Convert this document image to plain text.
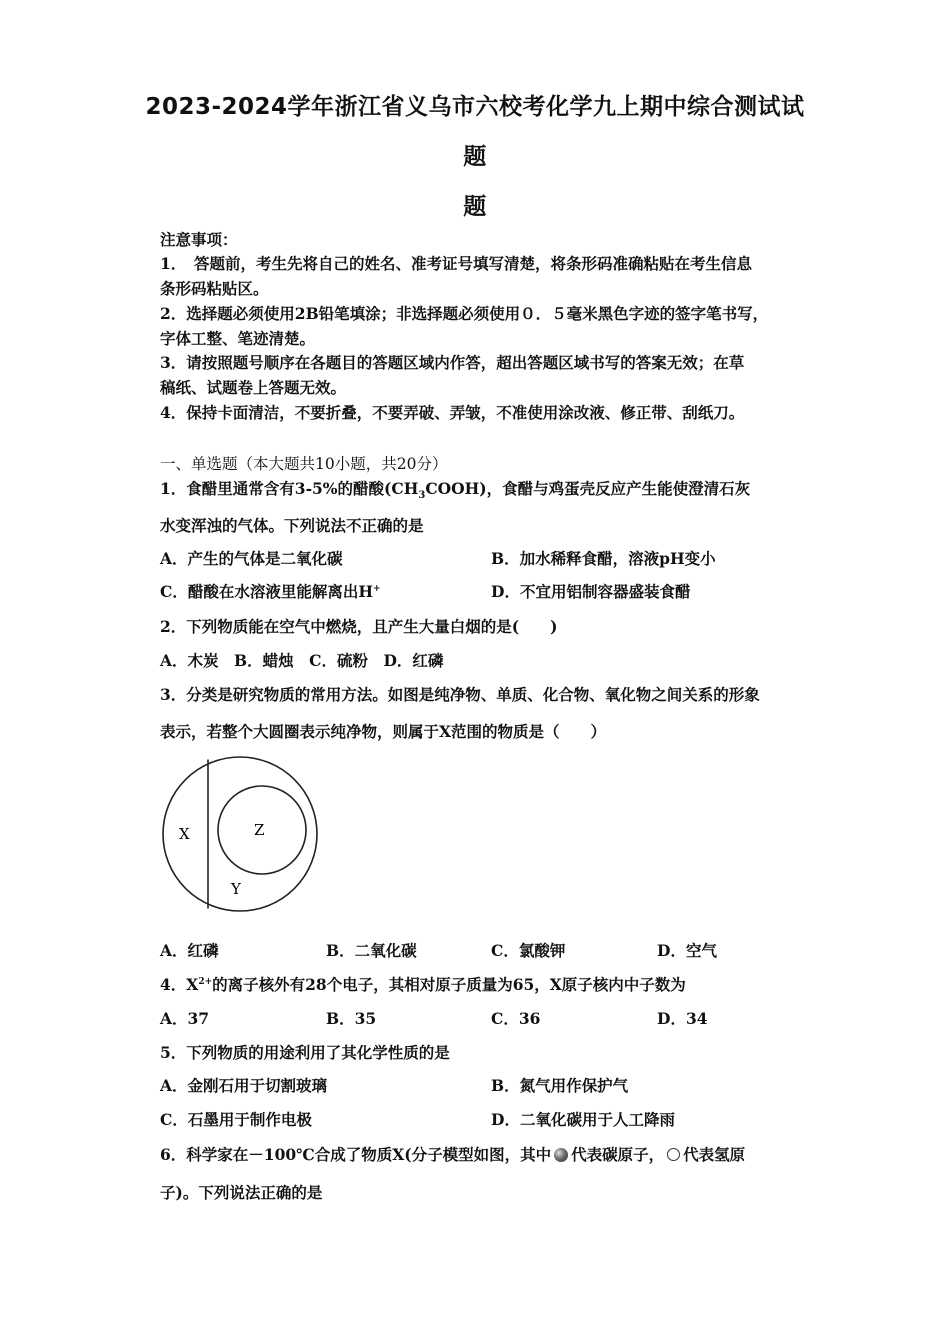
2023-2024学年浙江省义乌市六校考化学九上期中综合测试试
题
题
注意事项：
1．　答题前，考生先将自己的姓名、准考证号填写清楚，将条形码准确粘贴在考生信息
条形码粘贴区。
2．选择题必须使用2B铅笔填涂；非选择题必须使用０．５毫米黑色字迹的签字笔书写，
字体工整、笔迹清楚。
3．请按照题号顺序在各题目的答题区域内作答，超出答题区域书写的答案无效；在草
稿纸、试题卷上答题无效。
4．保持卡面清洁，不要折叠，不要弄破、弄皱，不准使用涂改液、修正带、刮纸刀。
一、单选题（本大题共10小题，共20分）
1．食醋里通常含有3-5%的醋酸$(CH_3COOH)$，食醋与鸡蛋壳反应产生能使澄清石灰
水变浑浊的气体。下列说法不正确的是
A．产生的气体是二氧化碳	B．加水稀释食醋，溶液pH变小
C．醋酸在水溶液里能解离出H+	D．不宜用铝制容器盛装食醋
2．下列物质能在空气中燃烧，且产生大量白烟的是(　　)
A．木炭　B．蜡烛　C．硫粉　D．红磷
3．分类是研究物质的常用方法。如图是纯净物、单质、化合物、氧化物之间关系的形象
表示，若整个大圆圈表示纯净物，则属于X范围的物质是（　　）
X	Z
Y
A．红磷	B．二氧化碳	C．氯酸钾	D．空气
4．$X^{2+}$的离子核外有28个电子，其相对原子质量为65，X原子核内中子数为
A．37	B．35	C．36	D．34
5．下列物质的用途利用了其化学性质的是
A．金刚石用于切割玻璃	B．氮气用作保护气
C．石墨用于制作电极	D．二氧化碳用于人工降雨
6．科学家在－100℃合成了物质X(分子模型如图，其中 代表碳原子， 代表氢原
子)。下列说法正确的是
